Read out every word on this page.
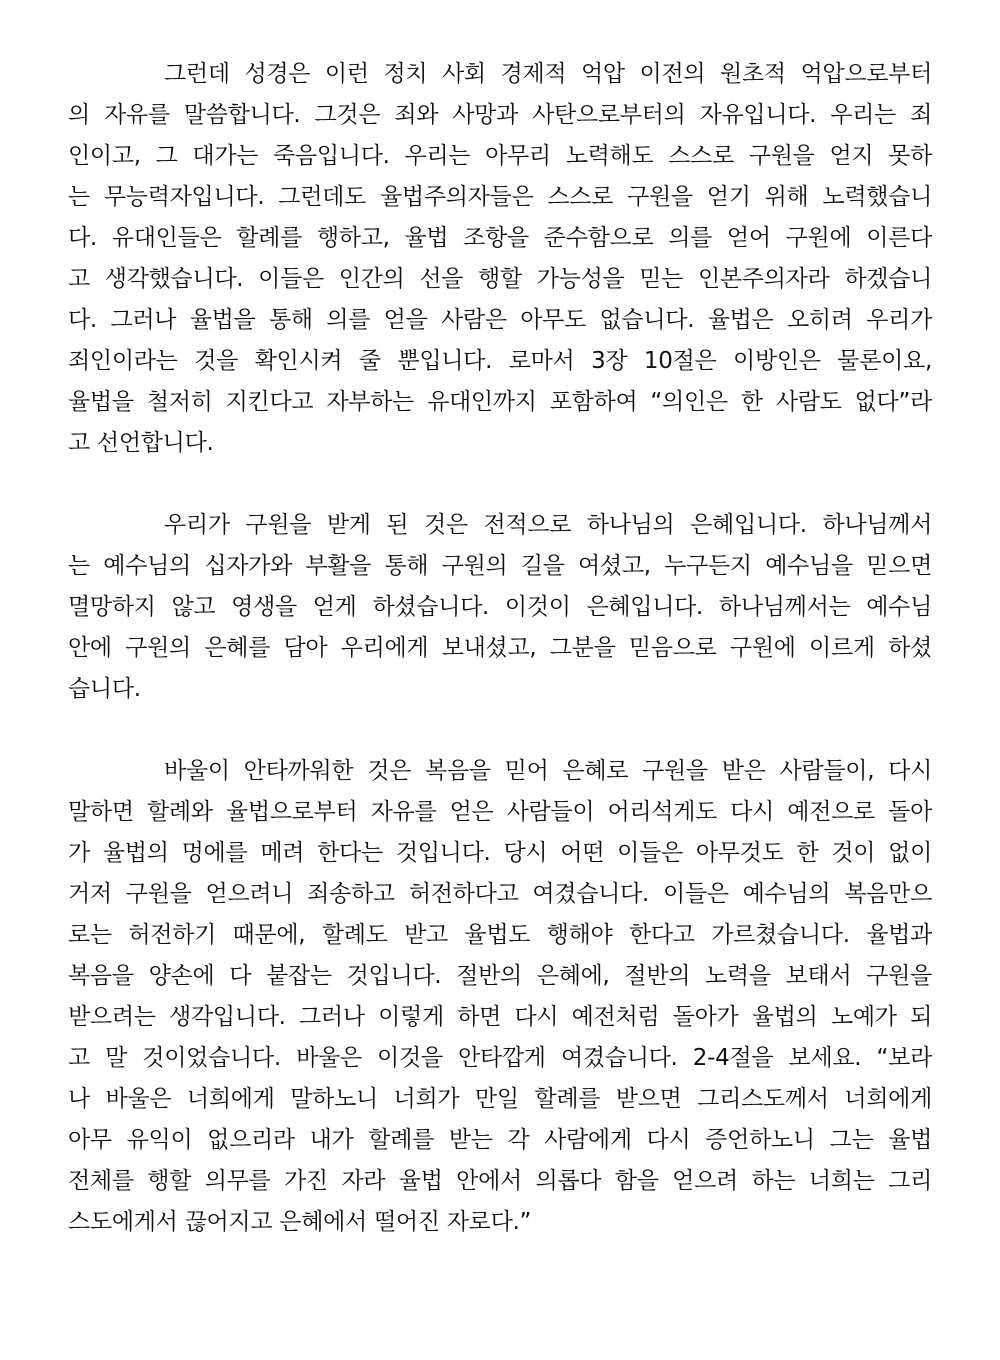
그런데 성경은 이런 정치 사회 경제적 억압 이전의 원초적 억압으로부터
의 자유를 말씀합니다. 그것은 죄와 사망과 사탄으로부터의 자유입니다. 우리는 죄
인이고, 그 대가는 죽음입니다. 우리는 아무리 노력해도 스스로 구원을 얻지 못하
는 무능력자입니다. 그런데도 율법주의자들은 스스로 구원을 얻기 위해 노력했습니
다. 유대인들은 할례를 행하고, 율법 조항을 준수함으로 의를 얻어 구원에 이른다
고 생각했습니다. 이들은 인간의 선을 행할 가능성을 믿는 인본주의자라 하겠습니
다. 그러나 율법을 통해 의를 얻을 사람은 아무도 없습니다. 율법은 오히려 우리가
죄인이라는 것을 확인시켜 줄 뿐입니다. 로마서 3장 10절은 이방인은 물론이요,
율법을 철저히 지킨다고 자부하는 유대인까지 포함하여 “의인은 한 사람도 없다”라
고 선언합니다.
우리가 구원을 받게 된 것은 전적으로 하나님의 은혜입니다. 하나님께서
는 예수님의 십자가와 부활을 통해 구원의 길을 여셨고, 누구든지 예수님을 믿으면
멸망하지 않고 영생을 얻게 하셨습니다. 이것이 은혜입니다. 하나님께서는 예수님
안에 구원의 은혜를 담아 우리에게 보내셨고, 그분을 믿음으로 구원에 이르게 하셨
습니다.
바울이 안타까워한 것은 복음을 믿어 은혜로 구원을 받은 사람들이, 다시
말하면 할례와 율법으로부터 자유를 얻은 사람들이 어리석게도 다시 예전으로 돌아
가 율법의 멍에를 메려 한다는 것입니다. 당시 어떤 이들은 아무것도 한 것이 없이
거저 구원을 얻으려니 죄송하고 허전하다고 여겼습니다. 이들은 예수님의 복음만으
로는 허전하기 때문에, 할례도 받고 율법도 행해야 한다고 가르쳤습니다. 율법과
복음을 양손에 다 붙잡는 것입니다. 절반의 은혜에, 절반의 노력을 보태서 구원을
받으려는 생각입니다. 그러나 이렇게 하면 다시 예전처럼 돌아가 율법의 노예가 되
고 말 것이었습니다. 바울은 이것을 안타깝게 여겼습니다. 2-4절을 보세요. “보라
나 바울은 너희에게 말하노니 너희가 만일 할례를 받으면 그리스도께서 너희에게
아무 유익이 없으리라 내가 할례를 받는 각 사람에게 다시 증언하노니 그는 율법
전체를 행할 의무를 가진 자라 율법 안에서 의롭다 함을 얻으려 하는 너희는 그리
스도에게서 끊어지고 은혜에서 떨어진 자로다.”
